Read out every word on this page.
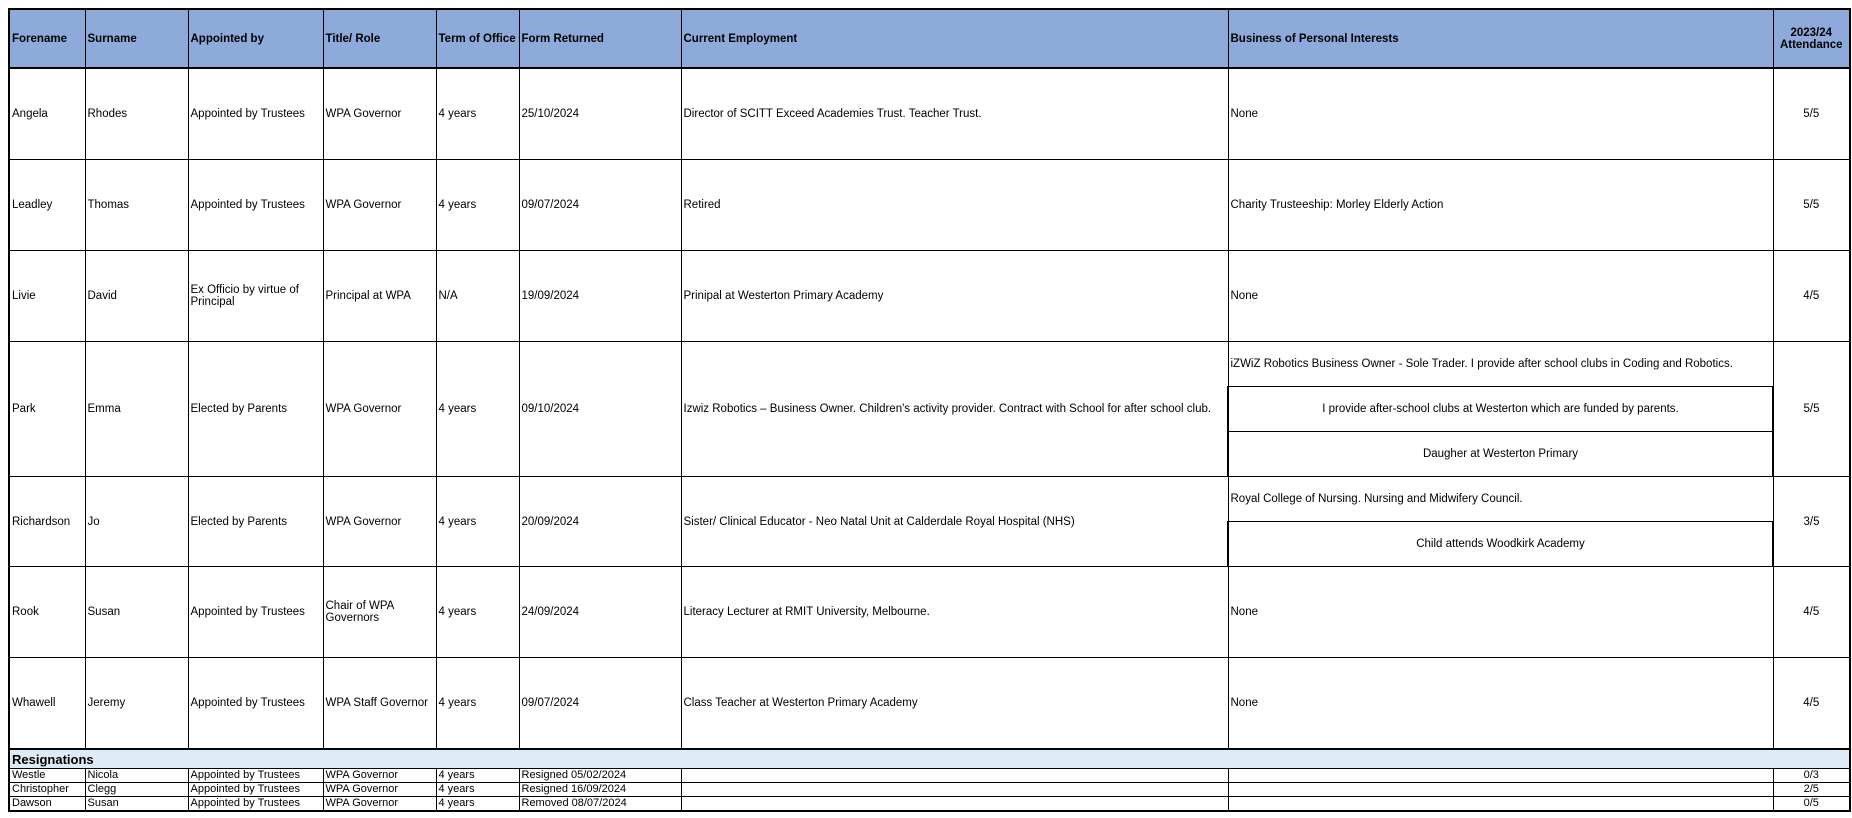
Forename	Surname	Appointed by	Title/ Role	Term of Office	Form Returned	Current Employment	Business of Personal Interests	2023/24
Attendance
Angela	Rhodes	Appointed by Trustees	WPA Governor	4 years	25/10/2024	Director of SCITT Exceed Academies Trust. Teacher Trust.	None	5/5
Leadley	Thomas	Appointed by Trustees	WPA Governor	4 years	09/07/2024	Retired	Charity Trusteeship: Morley Elderly Action	5/5
Livie	David	Ex Officio by virtue of Principal	Principal at WPA	N/A	19/09/2024	Prinipal at Westerton Primary Academy	None	4/5
Park	Emma	Elected by Parents	WPA Governor	4 years	09/10/2024	Izwiz Robotics – Business Owner. Children's activity provider. Contract with School for after school club.	iZWiZ Robotics Business Owner - Sole Trader. I provide after school clubs in Coding and Robotics.	5/5
							I provide after-school clubs at Westerton which are funded by parents.	
							Daugher at Westerton Primary	
Richardson	Jo	Elected by Parents	WPA Governor	4 years	20/09/2024	Sister/ Clinical Educator - Neo Natal Unit at Calderdale Royal Hospital (NHS)	Royal College of Nursing. Nursing and Midwifery Council.	3/5
							Child attends Woodkirk Academy	
Rook	Susan	Appointed by Trustees	Chair of WPA Governors	4 years	24/09/2024	Literacy Lecturer at RMIT University, Melbourne.	None	4/5
Whawell	Jeremy	Appointed by Trustees	WPA Staff Governor	4 years	09/07/2024	Class Teacher at Westerton Primary Academy	None	4/5
Resignations								
Westle	Nicola	Appointed by Trustees	WPA Governor	4 years	Resigned 05/02/2024			0/3
Christopher	Clegg	Appointed by Trustees	WPA Governor	4 years	Resigned 16/09/2024			2/5
Dawson	Susan	Appointed by Trustees	WPA Governor	4 years	Removed 08/07/2024			0/5
